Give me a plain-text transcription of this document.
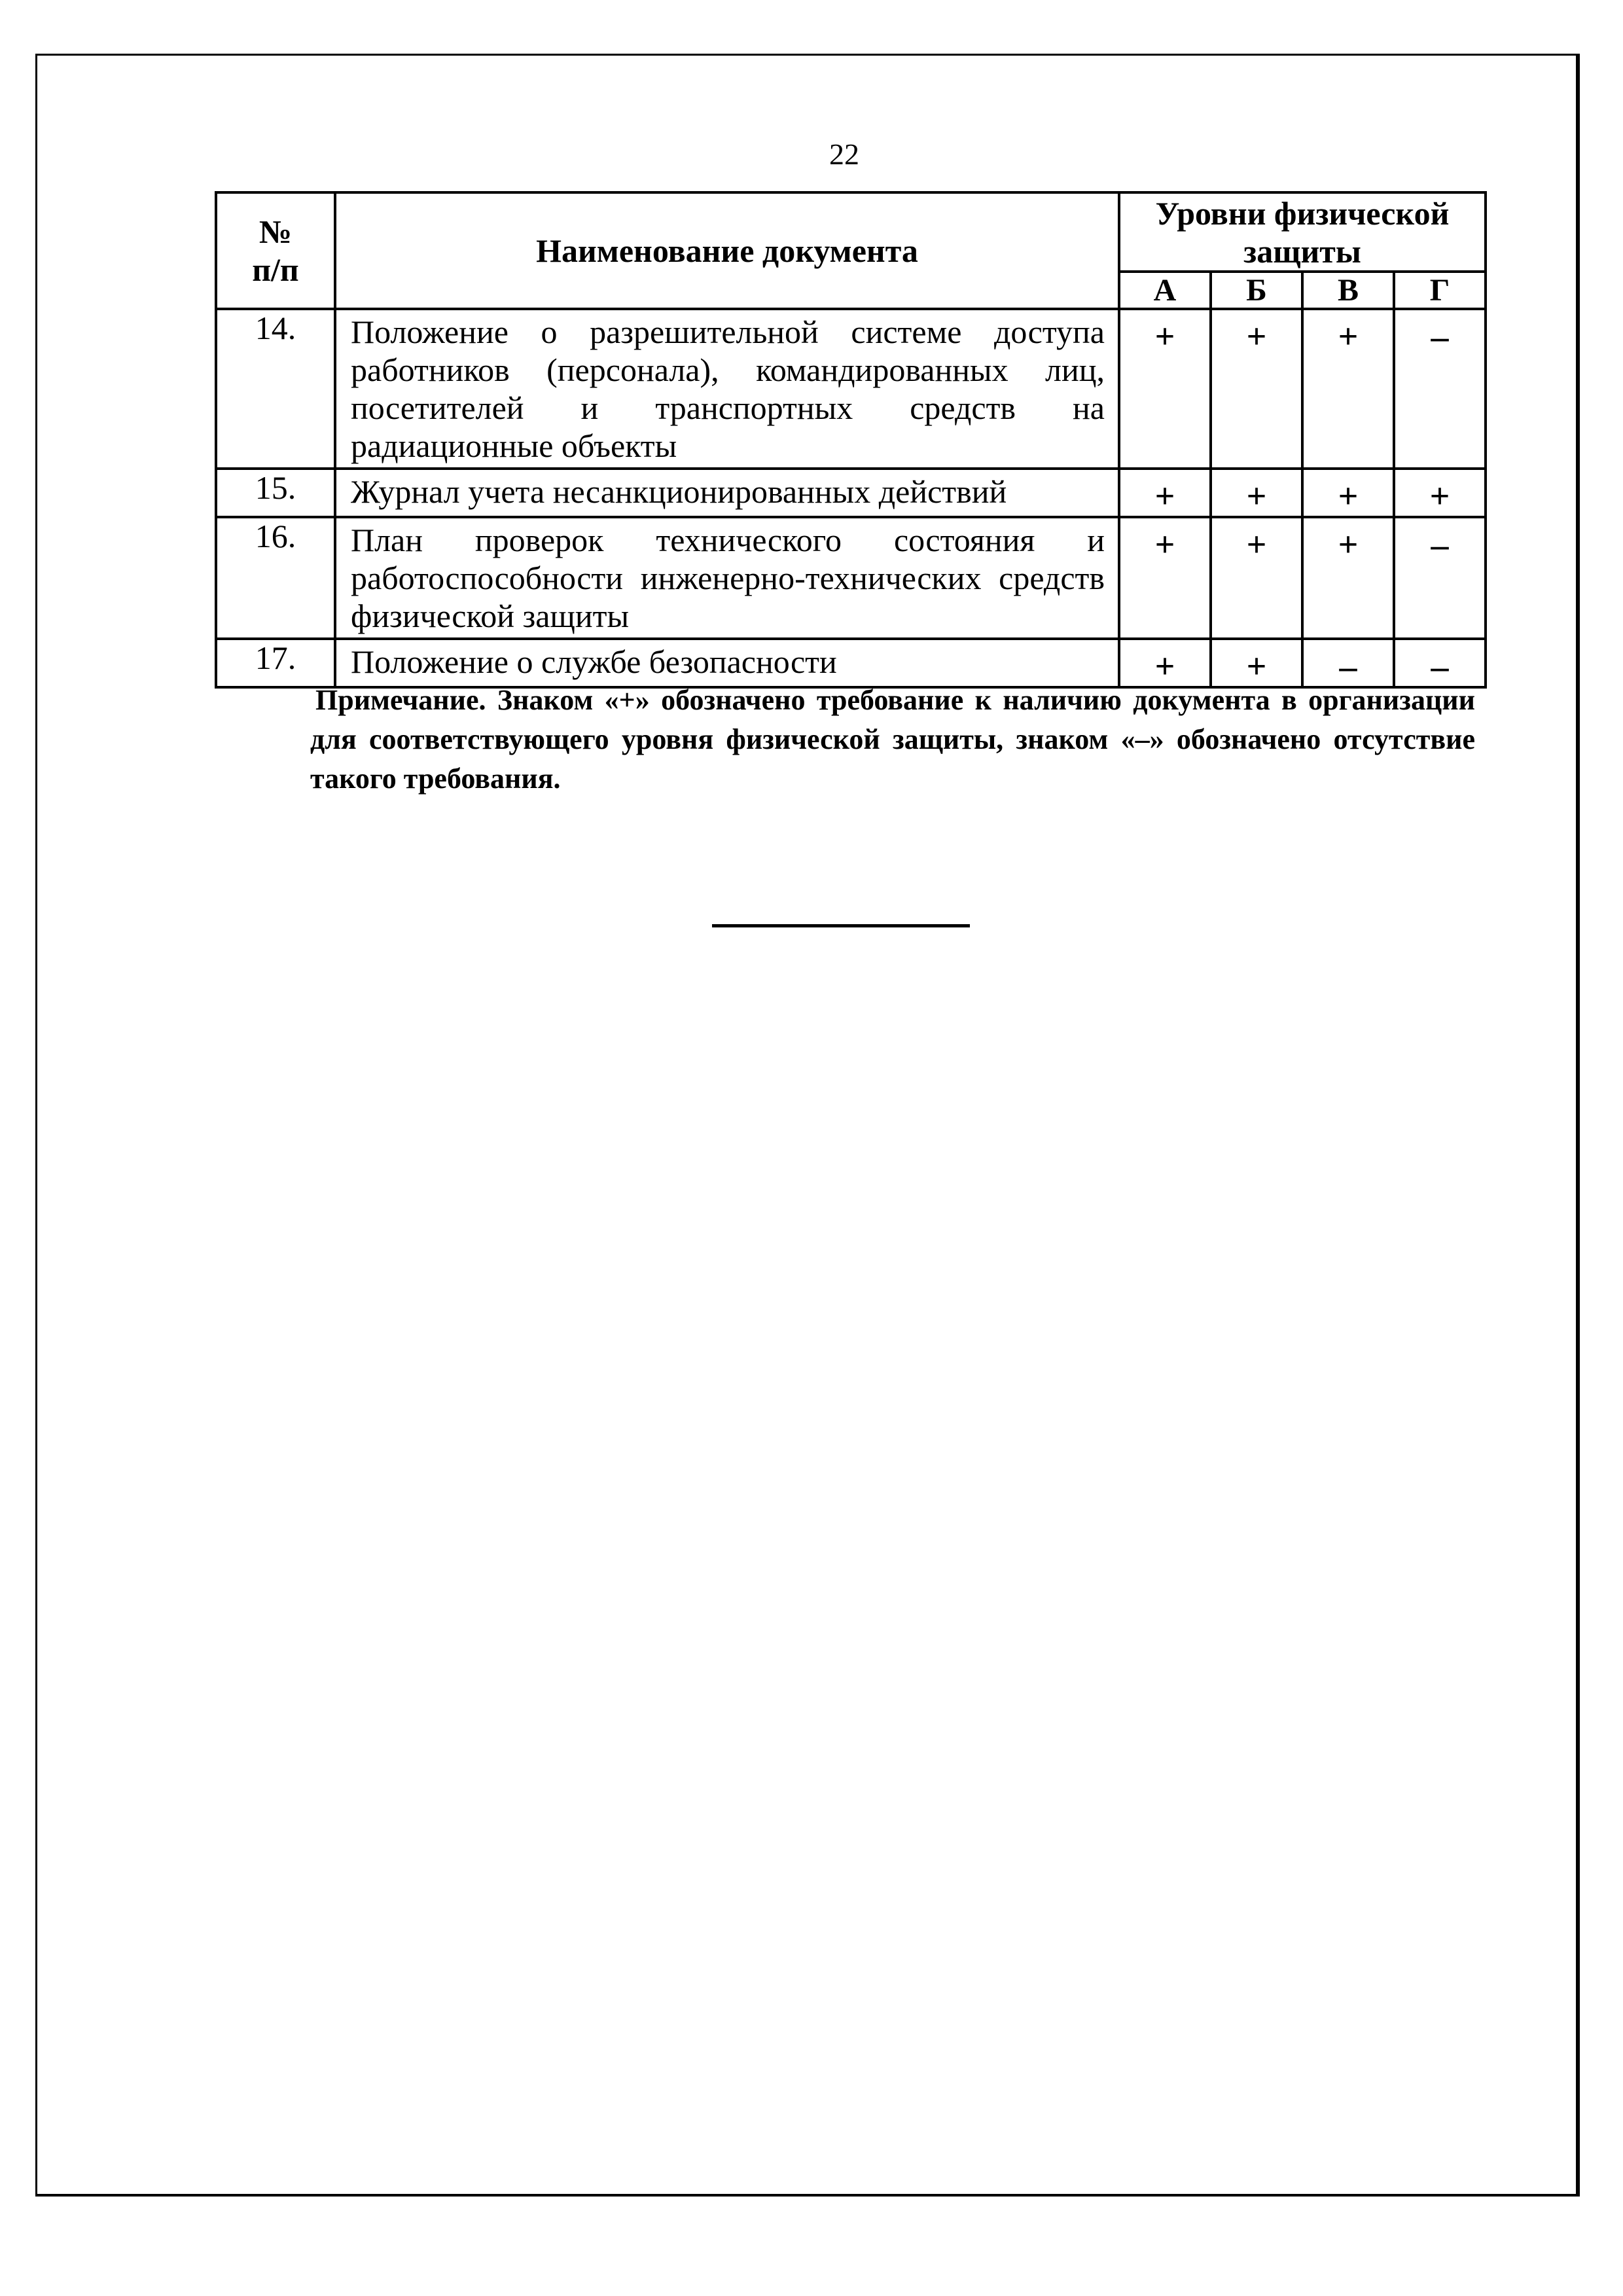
22
№
п/п	Наименование документа	Уровни физической защиты			
		А	Б	В	Г
14.	Положение о разрешительной системе доступа работников (персонала), командированных лиц, посетителей и транспортных средств на радиационные объекты	+	+	+	–
15.	Журнал учета несанкционированных действий	+	+	+	+
16.	План проверок технического состояния и работоспособности инженерно-технических средств физической защиты	+	+	+	–
17.	Положение о службе безопасности	+	+	–	–
Примечание. Знаком «+» обозначено требование к наличию документа в организации для соответствующего уровня физической защиты, знаком «–» обозначено отсутствие такого требования.
